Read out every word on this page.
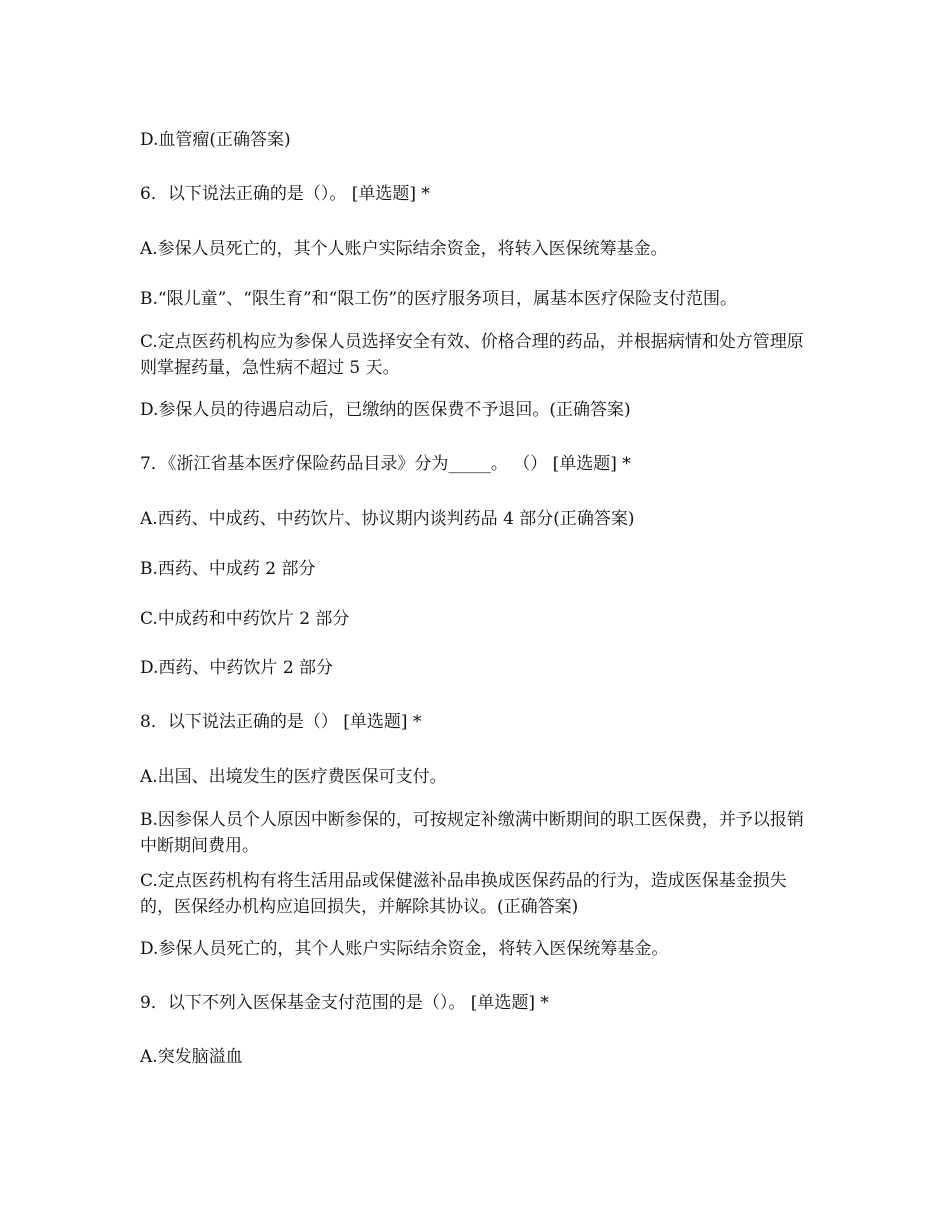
D.血管瘤(正确答案)
6．以下说法正确的是（）。 [单选题] *
A.参保人员死亡的，其个人账户实际结余资金，将转入医保统筹基金。
B.“限儿童”、“限生育”和“限工伤”的医疗服务项目，属基本医疗保险支付范围。
C.定点医药机构应为参保人员选择安全有效、价格合理的药品，并根据病情和处方管理原则掌握药量，急性病不超过 5 天。
D.参保人员的待遇启动后，已缴纳的医保费不予退回。(正确答案)
7．《浙江省基本医疗保险药品目录》分为_____。 （） [单选题] *
A.西药、中成药、中药饮片、协议期内谈判药品 4 部分(正确答案)
B.西药、中成药 2 部分
C.中成药和中药饮片 2 部分
D.西药、中药饮片 2 部分
8．以下说法正确的是（） [单选题] *
A.出国、出境发生的医疗费医保可支付。
B.因参保人员个人原因中断参保的，可按规定补缴满中断期间的职工医保费，并予以报销中断期间费用。
C.定点医药机构有将生活用品或保健滋补品串换成医保药品的行为，造成医保基金损失的，医保经办机构应追回损失，并解除其协议。(正确答案)
D.参保人员死亡的，其个人账户实际结余资金，将转入医保统筹基金。
9．以下不列入医保基金支付范围的是（）。 [单选题] *
A.突发脑溢血
